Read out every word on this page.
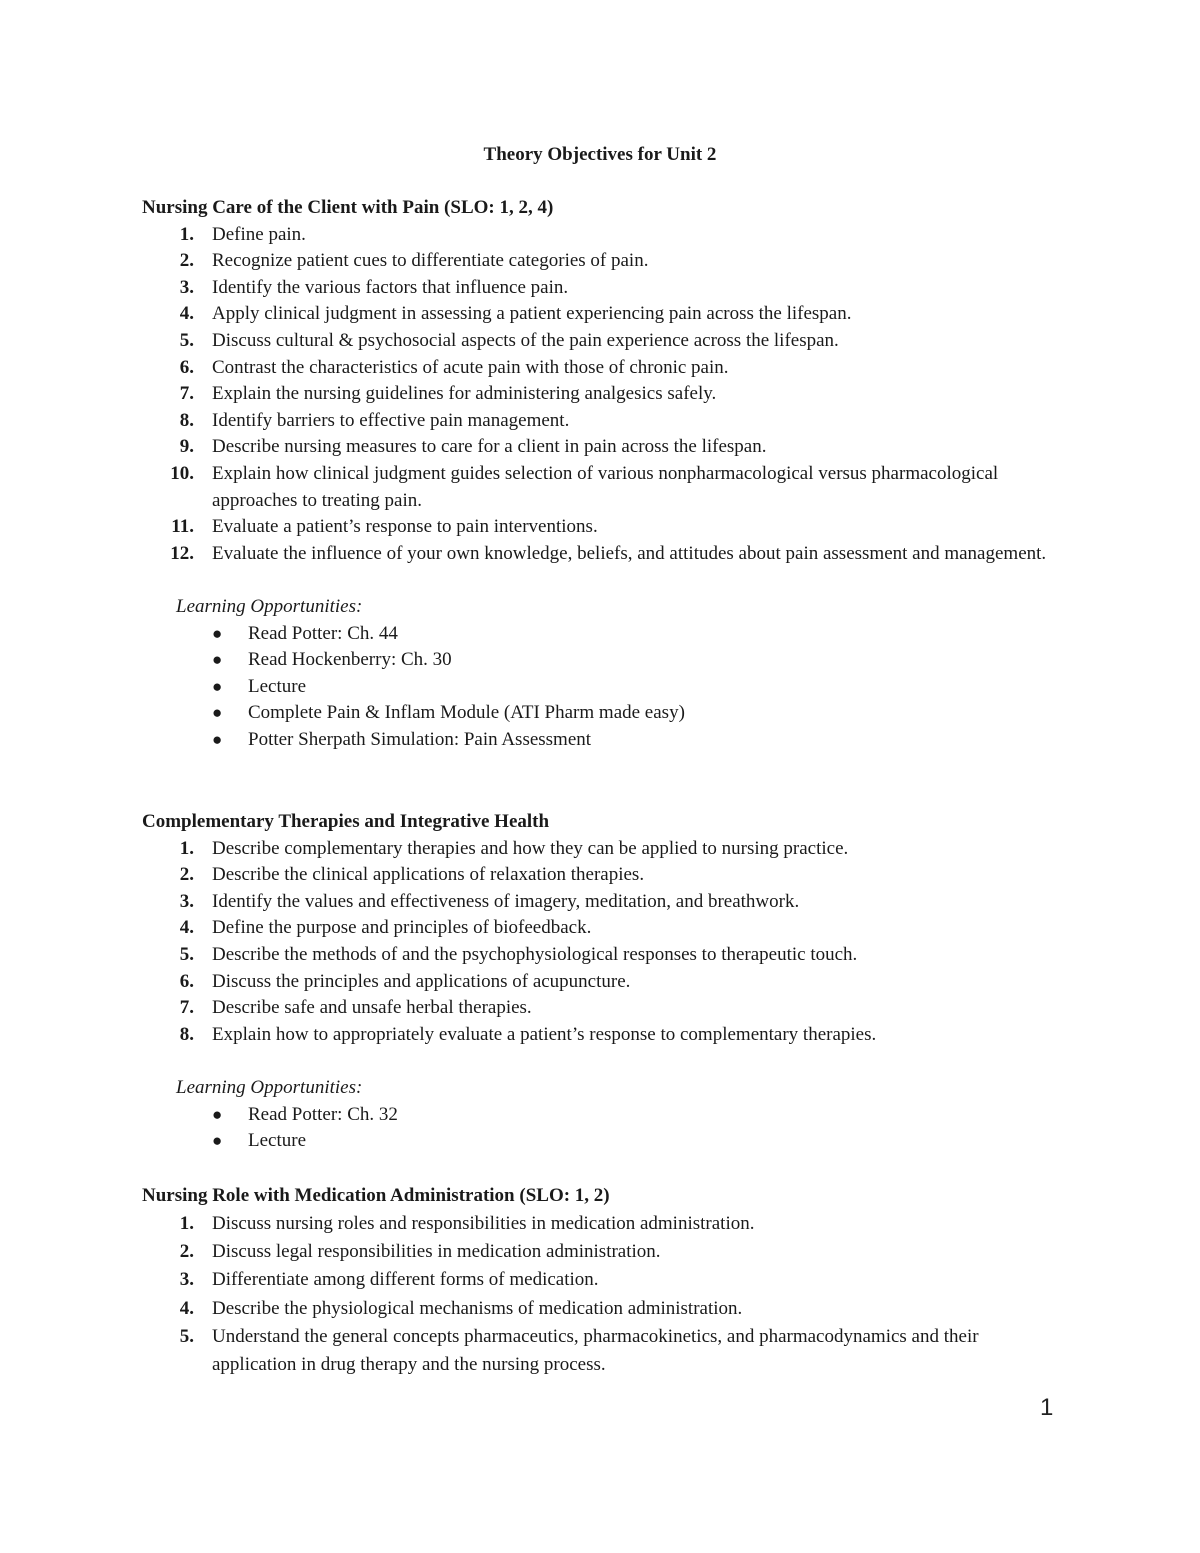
Theory Objectives for Unit 2
Nursing Care of the Client with Pain (SLO: 1, 2, 4)
1. Define pain.
2. Recognize patient cues to differentiate categories of pain.
3. Identify the various factors that influence pain.
4. Apply clinical judgment in assessing a patient experiencing pain across the lifespan.
5. Discuss cultural & psychosocial aspects of the pain experience across the lifespan.
6. Contrast the characteristics of acute pain with those of chronic pain.
7. Explain the nursing guidelines for administering analgesics safely.
8. Identify barriers to effective pain management.
9. Describe nursing measures to care for a client in pain across the lifespan.
10. Explain how clinical judgment guides selection of various nonpharmacological versus pharmacological approaches to treating pain.
11. Evaluate a patient’s response to pain interventions.
12. Evaluate the influence of your own knowledge, beliefs, and attitudes about pain assessment and management.
Learning Opportunities:
● Read Potter: Ch. 44
● Read Hockenberry: Ch. 30
● Lecture
● Complete Pain & Inflam Module (ATI Pharm made easy)
● Potter Sherpath Simulation: Pain Assessment
Complementary Therapies and Integrative Health
1. Describe complementary therapies and how they can be applied to nursing practice.
2. Describe the clinical applications of relaxation therapies.
3. Identify the values and effectiveness of imagery, meditation, and breathwork.
4. Define the purpose and principles of biofeedback.
5. Describe the methods of and the psychophysiological responses to therapeutic touch.
6. Discuss the principles and applications of acupuncture.
7. Describe safe and unsafe herbal therapies.
8. Explain how to appropriately evaluate a patient’s response to complementary therapies.
Learning Opportunities:
● Read Potter: Ch. 32
● Lecture
Nursing Role with Medication Administration (SLO: 1, 2)
1. Discuss nursing roles and responsibilities in medication administration.
2. Discuss legal responsibilities in medication administration.
3. Differentiate among different forms of medication.
4. Describe the physiological mechanisms of medication administration.
5. Understand the general concepts pharmaceutics, pharmacokinetics, and pharmacodynamics and their application in drug therapy and the nursing process.
1
